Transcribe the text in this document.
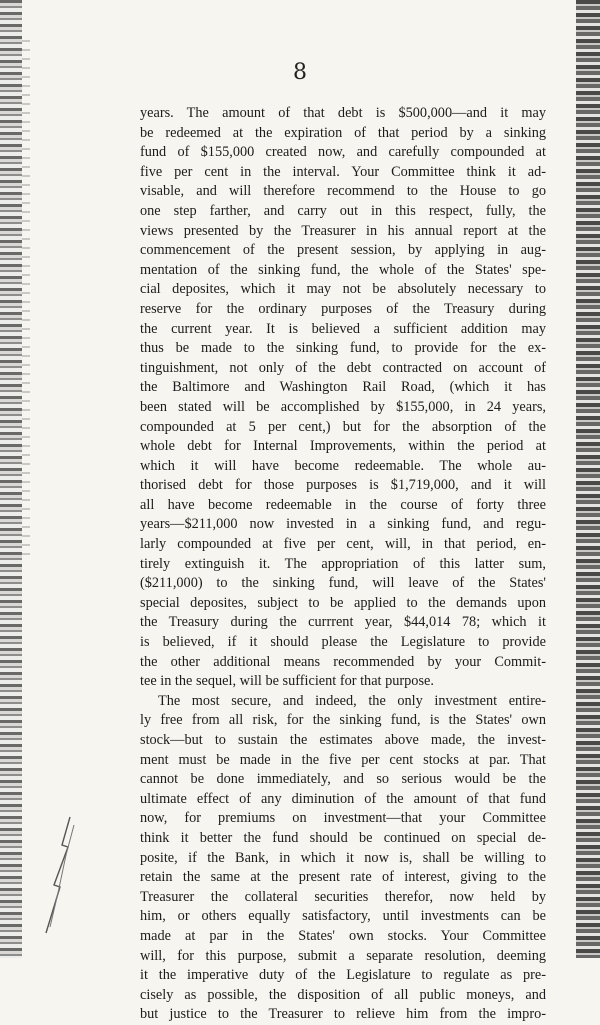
8
years. The amount of that debt is $500,000—and it may
be redeemed at the expiration of that period by a sinking
fund of $155,000 created now, and carefully compounded at
five per cent in the interval. Your Committee think it ad-
visable, and will therefore recommend to the House to go
one step farther, and carry out in this respect, fully, the
views presented by the Treasurer in his annual report at the
commencement of the present session, by applying in aug-
mentation of the sinking fund, the whole of the States' spe-
cial deposites, which it may not be absolutely necessary to
reserve for the ordinary purposes of the Treasury during
the current year. It is believed a sufficient addition may
thus be made to the sinking fund, to provide for the ex-
tinguishment, not only of the debt contracted on account of
the Baltimore and Washington Rail Road, (which it has
been stated will be accomplished by $155,000, in 24 years,
compounded at 5 per cent,) but for the absorption of the
whole debt for Internal Improvements, within the period at
which it will have become redeemable. The whole au-
thorised debt for those purposes is $1,719,000, and it will
all have become redeemable in the course of forty three
years—$211,000 now invested in a sinking fund, and regu-
larly compounded at five per cent, will, in that period, en-
tirely extinguish it. The appropriation of this latter sum,
($211,000) to the sinking fund, will leave of the States'
special deposites, subject to be applied to the demands upon
the Treasury during the currrent year, $44,014 78; which it
is believed, if it should please the Legislature to provide
the other additional means recommended by your Commit-
tee in the sequel, will be sufficient for that purpose.
The most secure, and indeed, the only investment entire-
ly free from all risk, for the sinking fund, is the States' own
stock—but to sustain the estimates above made, the invest-
ment must be made in the five per cent stocks at par. That
cannot be done immediately, and so serious would be the
ultimate effect of any diminution of the amount of that fund
now, for premiums on investment—that your Committee
think it better the fund should be continued on special de-
posite, if the Bank, in which it now is, shall be willing to
retain the same at the present rate of interest, giving to the
Treasurer the collateral securities therefor, now held by
him, or others equally satisfactory, until investments can be
made at par in the States' own stocks. Your Committee
will, for this purpose, submit a separate resolution, deeming
it the imperative duty of the Legislature to regulate as pre-
cisely as possible, the disposition of all public moneys, and
but justice to the Treasurer to relieve him from the impro-
